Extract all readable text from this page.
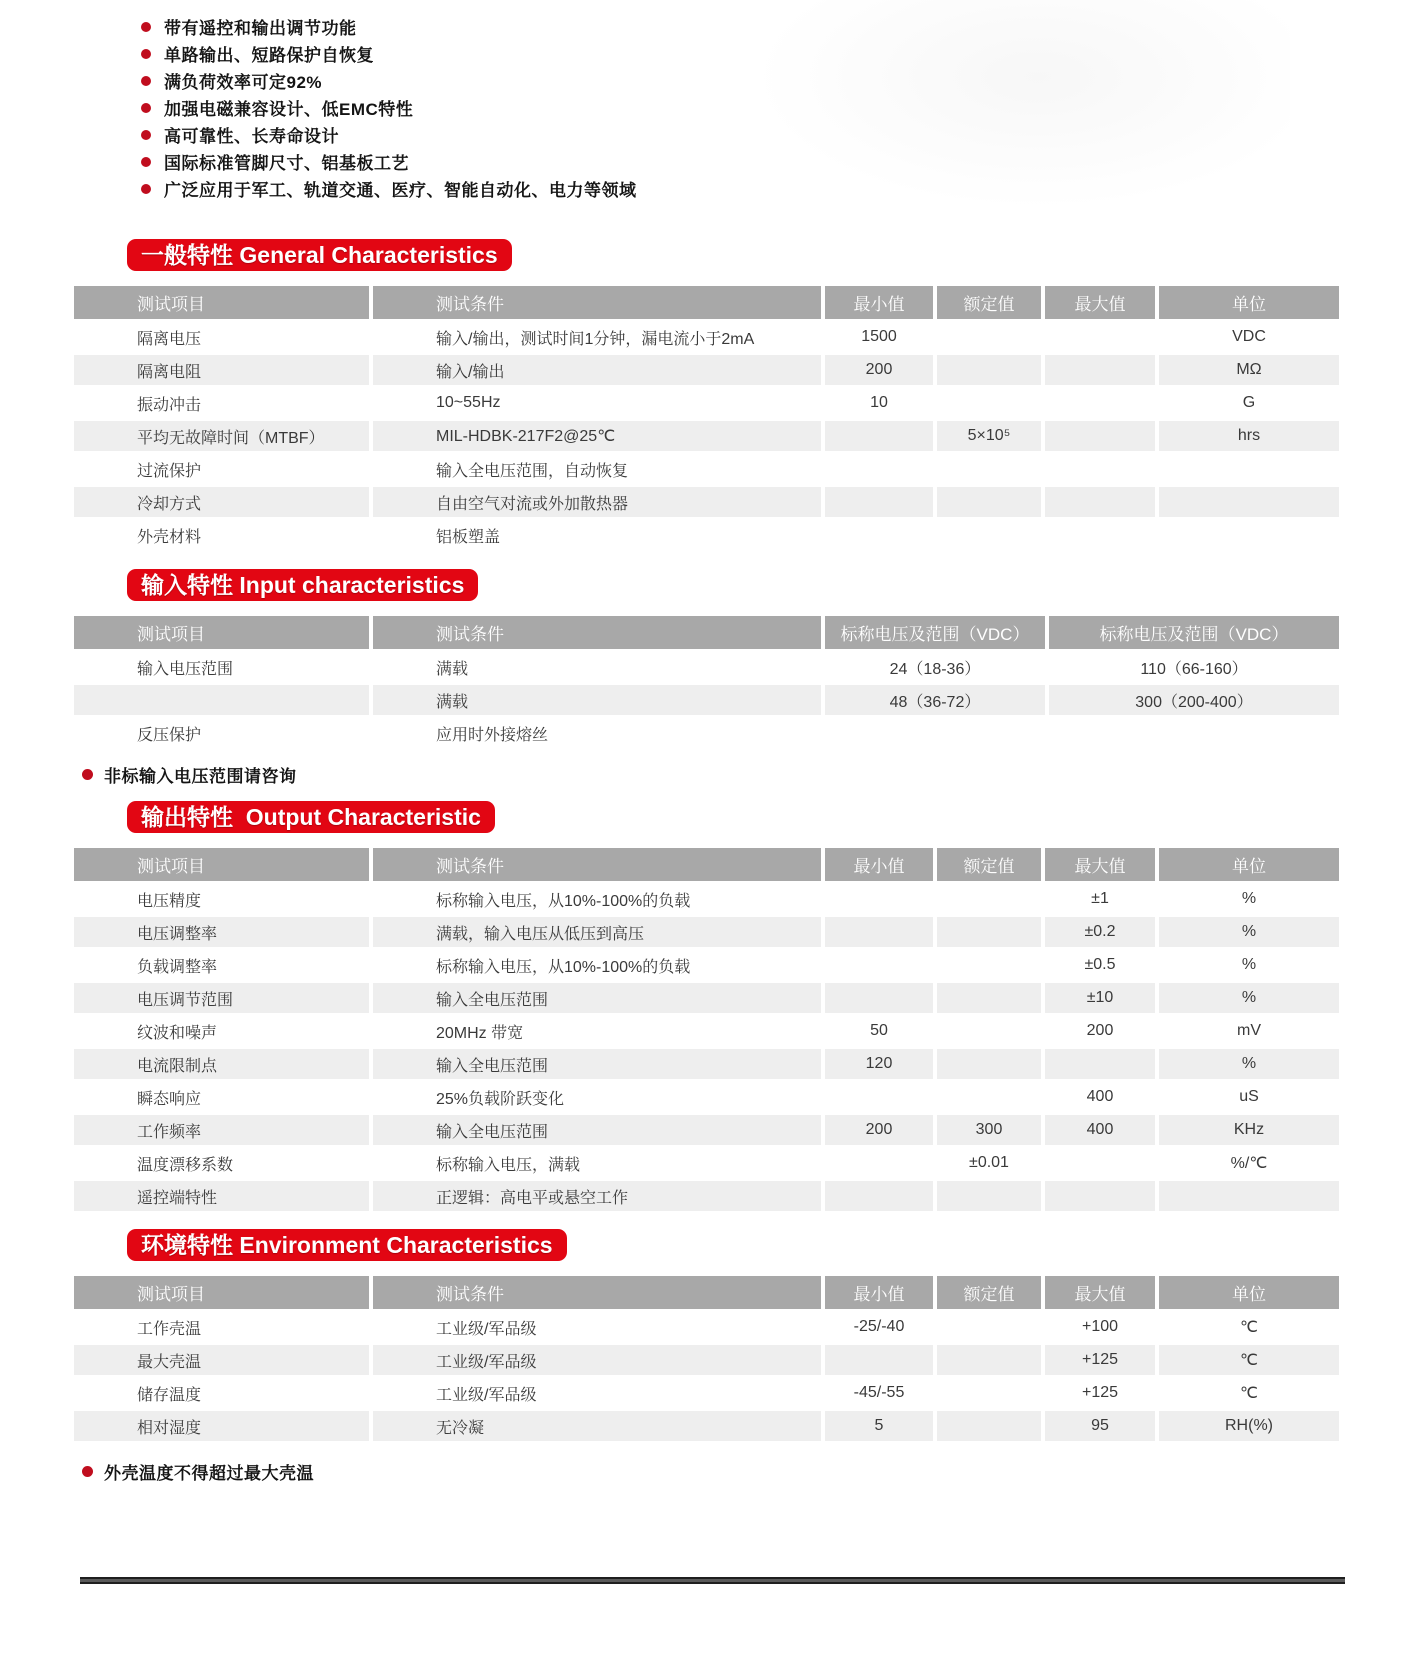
带有遥控和输出调节功能
单路输出、短路保护自恢复
满负荷效率可定92%
加强电磁兼容设计、低EMC特性
高可靠性、长寿命设计
国际标准管脚尺寸、铝基板工艺
广泛应用于军工、轨道交通、医疗、智能自动化、电力等领域
一般特性 General Characteristics
测试项目	测试条件	最小值	额定值	最大值	单位
隔离电压	输入/输出，测试时间1分钟，漏电流小于2mA	1500			VDC
隔离电阻	输入/输出	200			MΩ
振动冲击	10~55Hz	10			G
平均无故障时间（MTBF）	MIL-HDBK-217F2@25℃		5×10⁵		hrs
过流保护	输入全电压范围，自动恢复				
冷却方式	自由空气对流或外加散热器				
外壳材料	铝板塑盖				
输入特性 Input characteristics
测试项目	测试条件	标称电压及范围（VDC）	标称电压及范围（VDC）
输入电压范围	满载	24（18-36）	110（66-160）
	满载	48（36-72）	300（200-400）
反压保护	应用时外接熔丝		
非标输入电压范围请咨询
输出特性  Output Characteristic
测试项目	测试条件	最小值	额定值	最大值	单位
电压精度	标称输入电压，从10%-100%的负载			±1	%
电压调整率	满载，输入电压从低压到高压			±0.2	%
负载调整率	标称输入电压，从10%-100%的负载			±0.5	%
电压调节范围	输入全电压范围			±10	%
纹波和噪声	20MHz 带宽	50		200	mV
电流限制点	输入全电压范围	120			%
瞬态响应	25%负载阶跃变化			400	uS
工作频率	输入全电压范围	200	300	400	KHz
温度漂移系数	标称输入电压，满载		±0.01		%/℃
遥控端特性	正逻辑：高电平或悬空工作				
环境特性 Environment Characteristics
测试项目	测试条件	最小值	额定值	最大值	单位
工作壳温	工业级/军品级	-25/-40		+100	℃
最大壳温	工业级/军品级			+125	℃
储存温度	工业级/军品级	-45/-55		+125	℃
相对湿度	无冷凝	5		95	RH(%)
外壳温度不得超过最大壳温
